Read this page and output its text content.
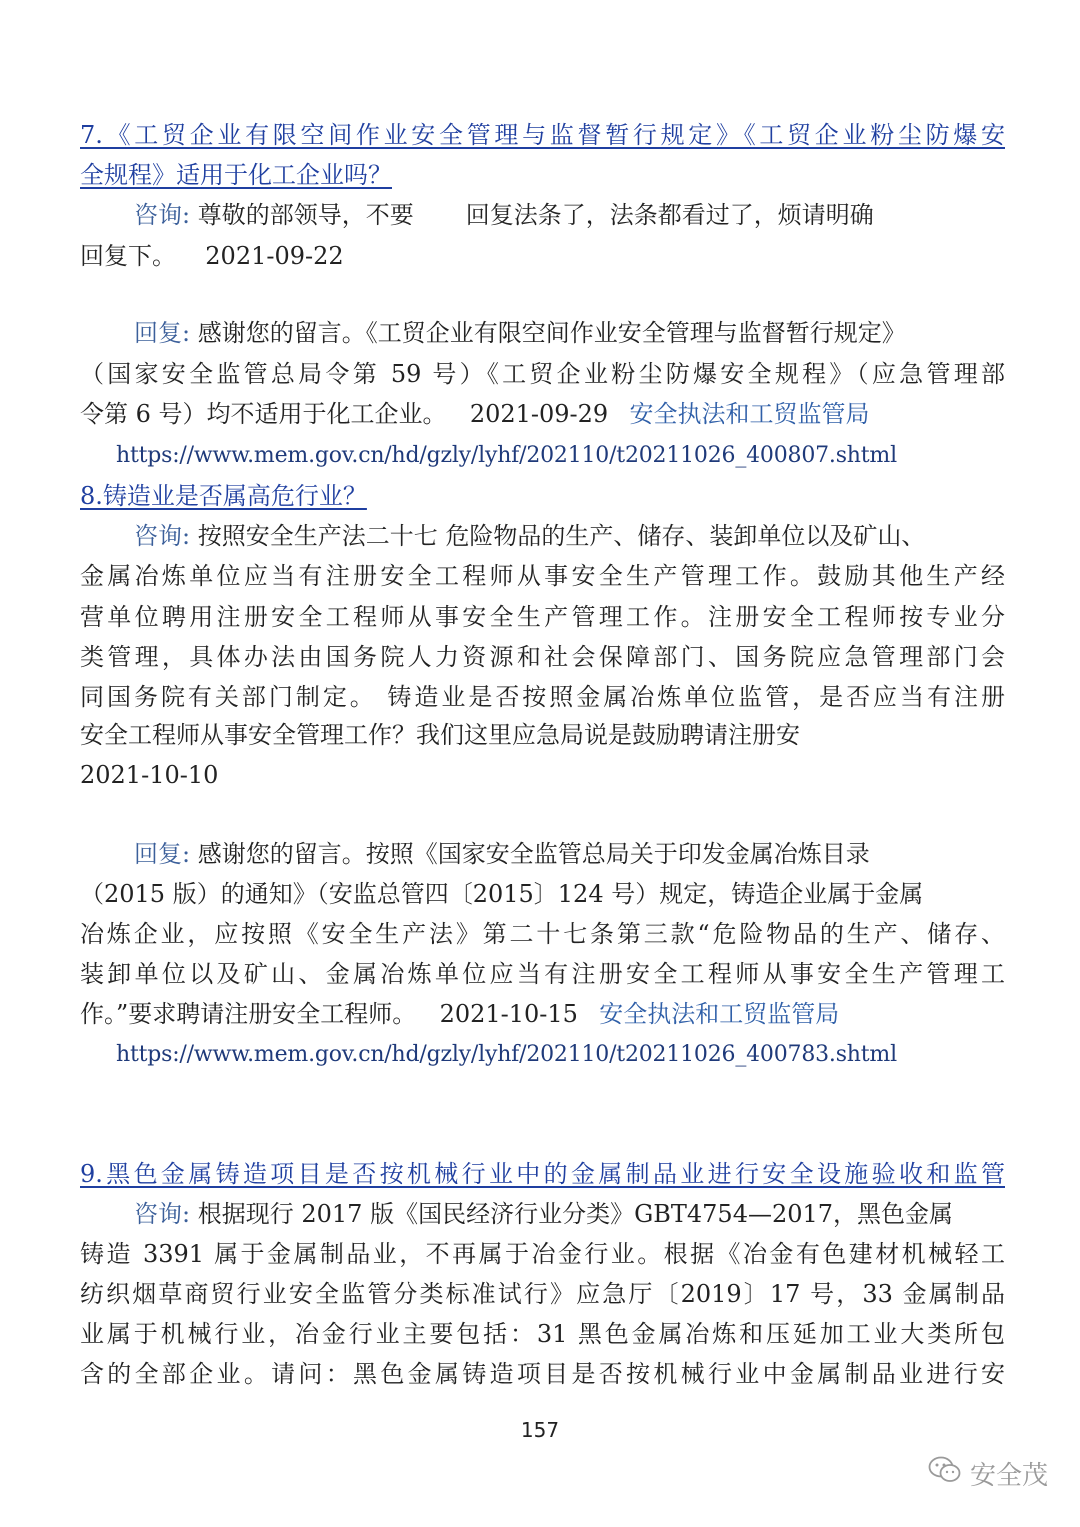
7.《工贸企业有限空间作业安全管理与监督暂行规定》《工贸企业粉尘防爆安
全规程》适用于化工企业吗？
咨询: 尊敬的部领导，不要 回复法条了，法条都看过了，烦请明确
回复下。 2021-09-22
回复: 感谢您的留言。《工贸企业有限空间作业安全管理与监督暂行规定》
（国家安全监管总局令第 59 号）《工贸企业粉尘防爆安全规程》（应急管理部
令第 6 号）均不适用于化工企业。 2021-09-29 安全执法和工贸监管局
https://www.mem.gov.cn/hd/gzly/lyhf/202110/t20211026_400807.shtml
8.铸造业是否属高危行业？
咨询: 按照安全生产法二十七 危险物品的生产、储存、装卸单位以及矿山、
金属冶炼单位应当有注册安全工程师从事安全生产管理工作。鼓励其他生产经
营单位聘用注册安全工程师从事安全生产管理工作。注册安全工程师按专业分
类管理，具体办法由国务院人力资源和社会保障部门、国务院应急管理部门会
同国务院有关部门制定。 铸造业是否按照金属冶炼单位监管，是否应当有注册
安全工程师从事安全管理工作？我们这里应急局说是鼓励聘请注册安
2021-10-10
回复: 感谢您的留言。按照《国家安全监管总局关于印发金属冶炼目录
（2015 版）的通知》（安监总管四〔2015〕124 号）规定，铸造企业属于金属
冶炼企业，应按照《安全生产法》第二十七条第三款“危险物品的生产、储存、
装卸单位以及矿山、金属冶炼单位应当有注册安全工程师从事安全生产管理工
作。”要求聘请注册安全工程师。 2021-10-15 安全执法和工贸监管局
https://www.mem.gov.cn/hd/gzly/lyhf/202110/t20211026_400783.shtml
9.黑色金属铸造项目是否按机械行业中的金属制品业进行安全设施验收和监管
咨询: 根据现行 2017 版《国民经济行业分类》GBT4754—2017，黑色金属
铸造 3391 属于金属制品业，不再属于冶金行业。根据《冶金有色建材机械轻工
纺织烟草商贸行业安全监管分类标准试行》应急厅〔2019〕17 号，33 金属制品
业属于机械行业，冶金行业主要包括：31 黑色金属冶炼和压延加工业大类所包
含的全部企业。请问：黑色金属铸造项目是否按机械行业中金属制品业进行安
157
安全茂
